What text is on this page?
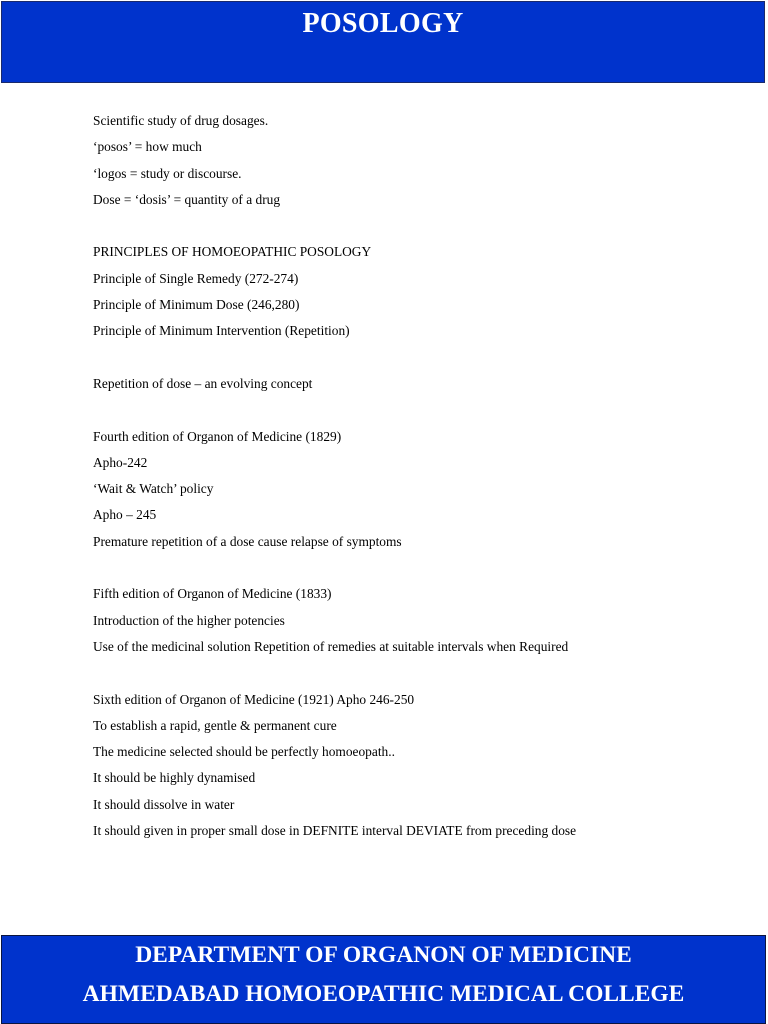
POSOLOGY
Scientific study of drug dosages.
‘posos’ = how much
‘logos = study or discourse.
Dose = ‘dosis’ = quantity of a drug
PRINCIPLES OF HOMOEOPATHIC POSOLOGY
Principle of Single Remedy (272-274)
Principle of Minimum Dose (246,280)
Principle of Minimum Intervention (Repetition)
Repetition of dose – an evolving concept
Fourth edition of Organon of Medicine (1829)
Apho-242
‘Wait & Watch’ policy
Apho – 245
Premature repetition of a dose cause relapse of symptoms
Fifth edition of Organon of Medicine (1833)
Introduction of the higher potencies
Use of the medicinal solution Repetition of remedies at suitable intervals when Required
Sixth edition of Organon of Medicine (1921) Apho 246-250
To establish a rapid, gentle & permanent cure
The medicine selected should be perfectly homoeopath..
It should be highly dynamised
It should dissolve in water
It should given in proper small dose in DEFNITE interval DEVIATE from preceding dose
DEPARTMENT OF ORGANON OF MEDICINE
AHMEDABAD HOMOEOPATHIC MEDICAL COLLEGE
